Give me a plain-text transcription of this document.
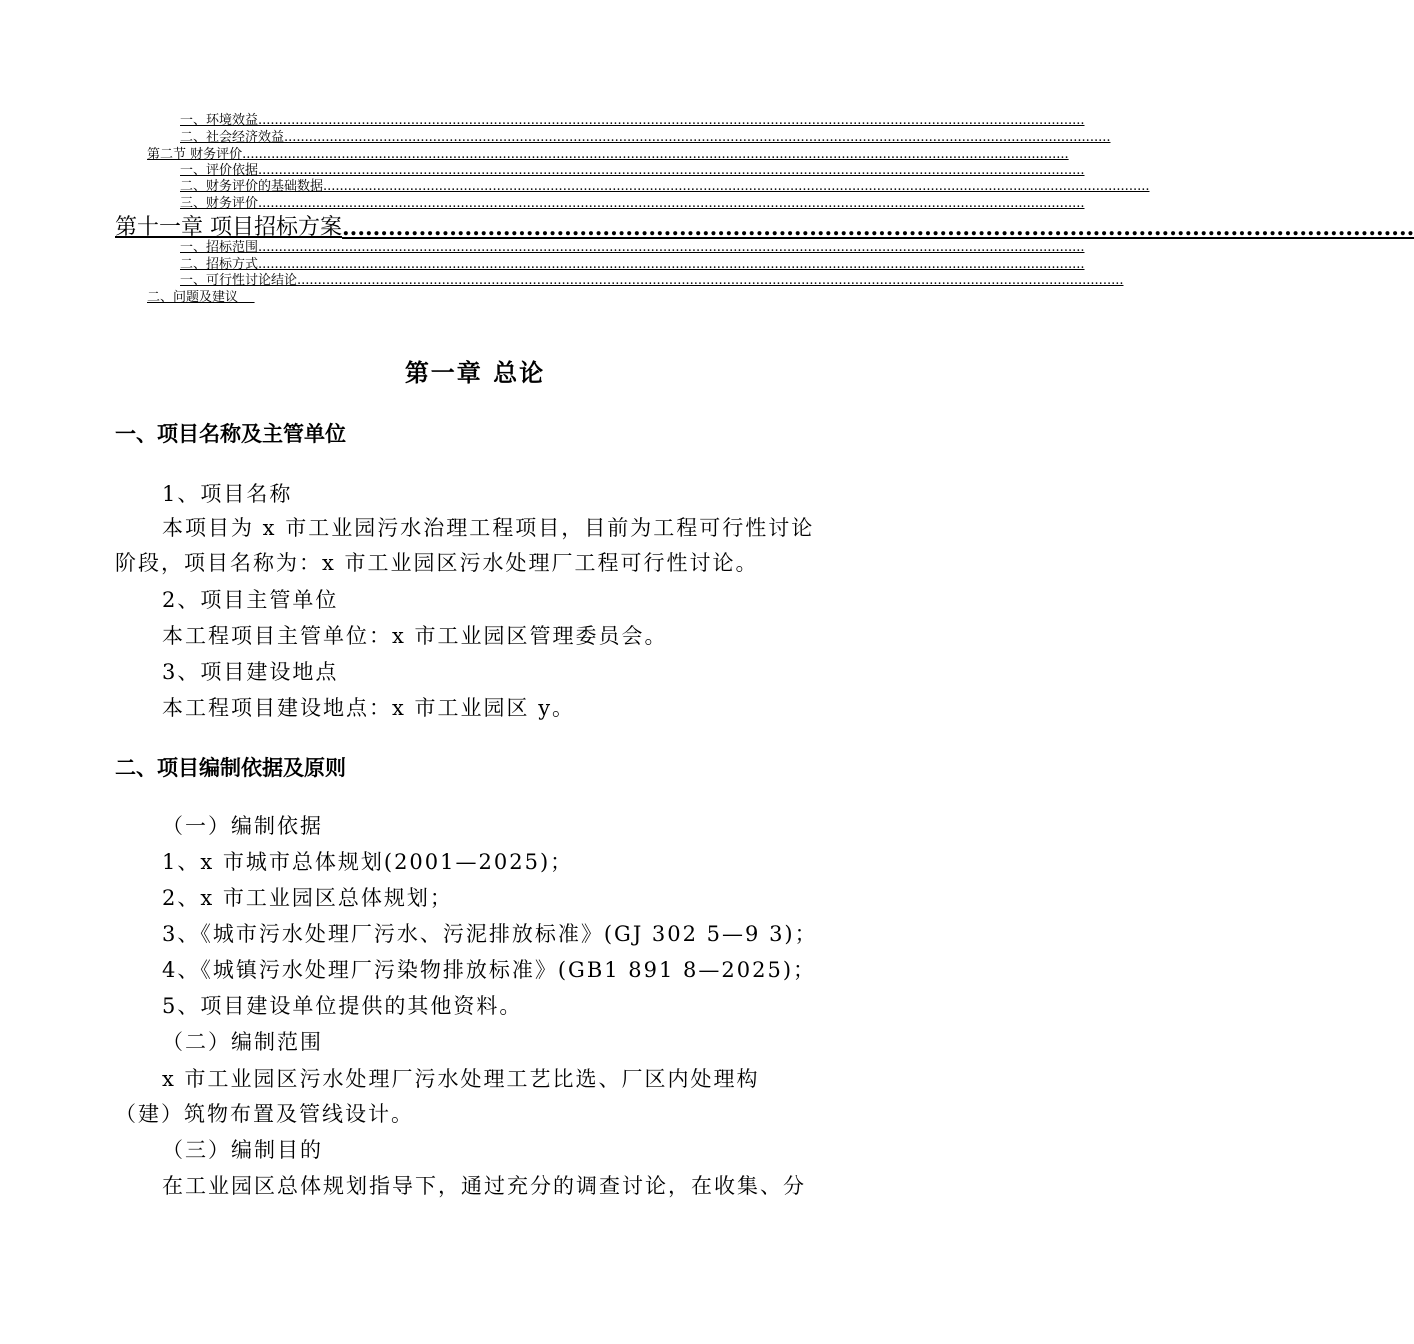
一、环境效益 ........................................................................................................................................................................................................
二、社会经济效益 ........................................................................................................................................................................................................
第二节 财务评价 ........................................................................................................................................................................................................
一、评价依据 ........................................................................................................................................................................................................
二、财务评价的基础数据 ........................................................................................................................................................................................................
三、财务评价 ........................................................................................................................................................................................................
第十一章 项目招标方案 ............................................................................................................................................
一、招标范围 ........................................................................................................................................................................................................
二、招标方式 ........................................................................................................................................................................................................
一、可行性讨论结论 ........................................................................................................................................................................................................
二、问题及建议

第一章 总论
一、项目名称及主管单位
1、项目名称
本项目为 x 市工业园污水治理工程项目，目前为工程可行性讨论
阶段，项目名称为：x 市工业园区污水处理厂工程可行性讨论。
2、项目主管单位
本工程项目主管单位：x 市工业园区管理委员会。
3、项目建设地点
本工程项目建设地点：x 市工业园区 y。
二、项目编制依据及原则
（一）编制依据
1、x 市城市总体规划(2001—2025)；
2、x 市工业园区总体规划；
3、《城市污水处理厂污水、污泥排放标准》(GJ 302 5—9 3)；
4、《城镇污水处理厂污染物排放标准》(GB1 891 8—2025)；
5、项目建设单位提供的其他资料。
（二）编制范围
x 市工业园区污水处理厂污水处理工艺比选、厂区内处理构
（建）筑物布置及管线设计。
（三）编制目的
在工业园区总体规划指导下，通过充分的调查讨论，在收集、分
